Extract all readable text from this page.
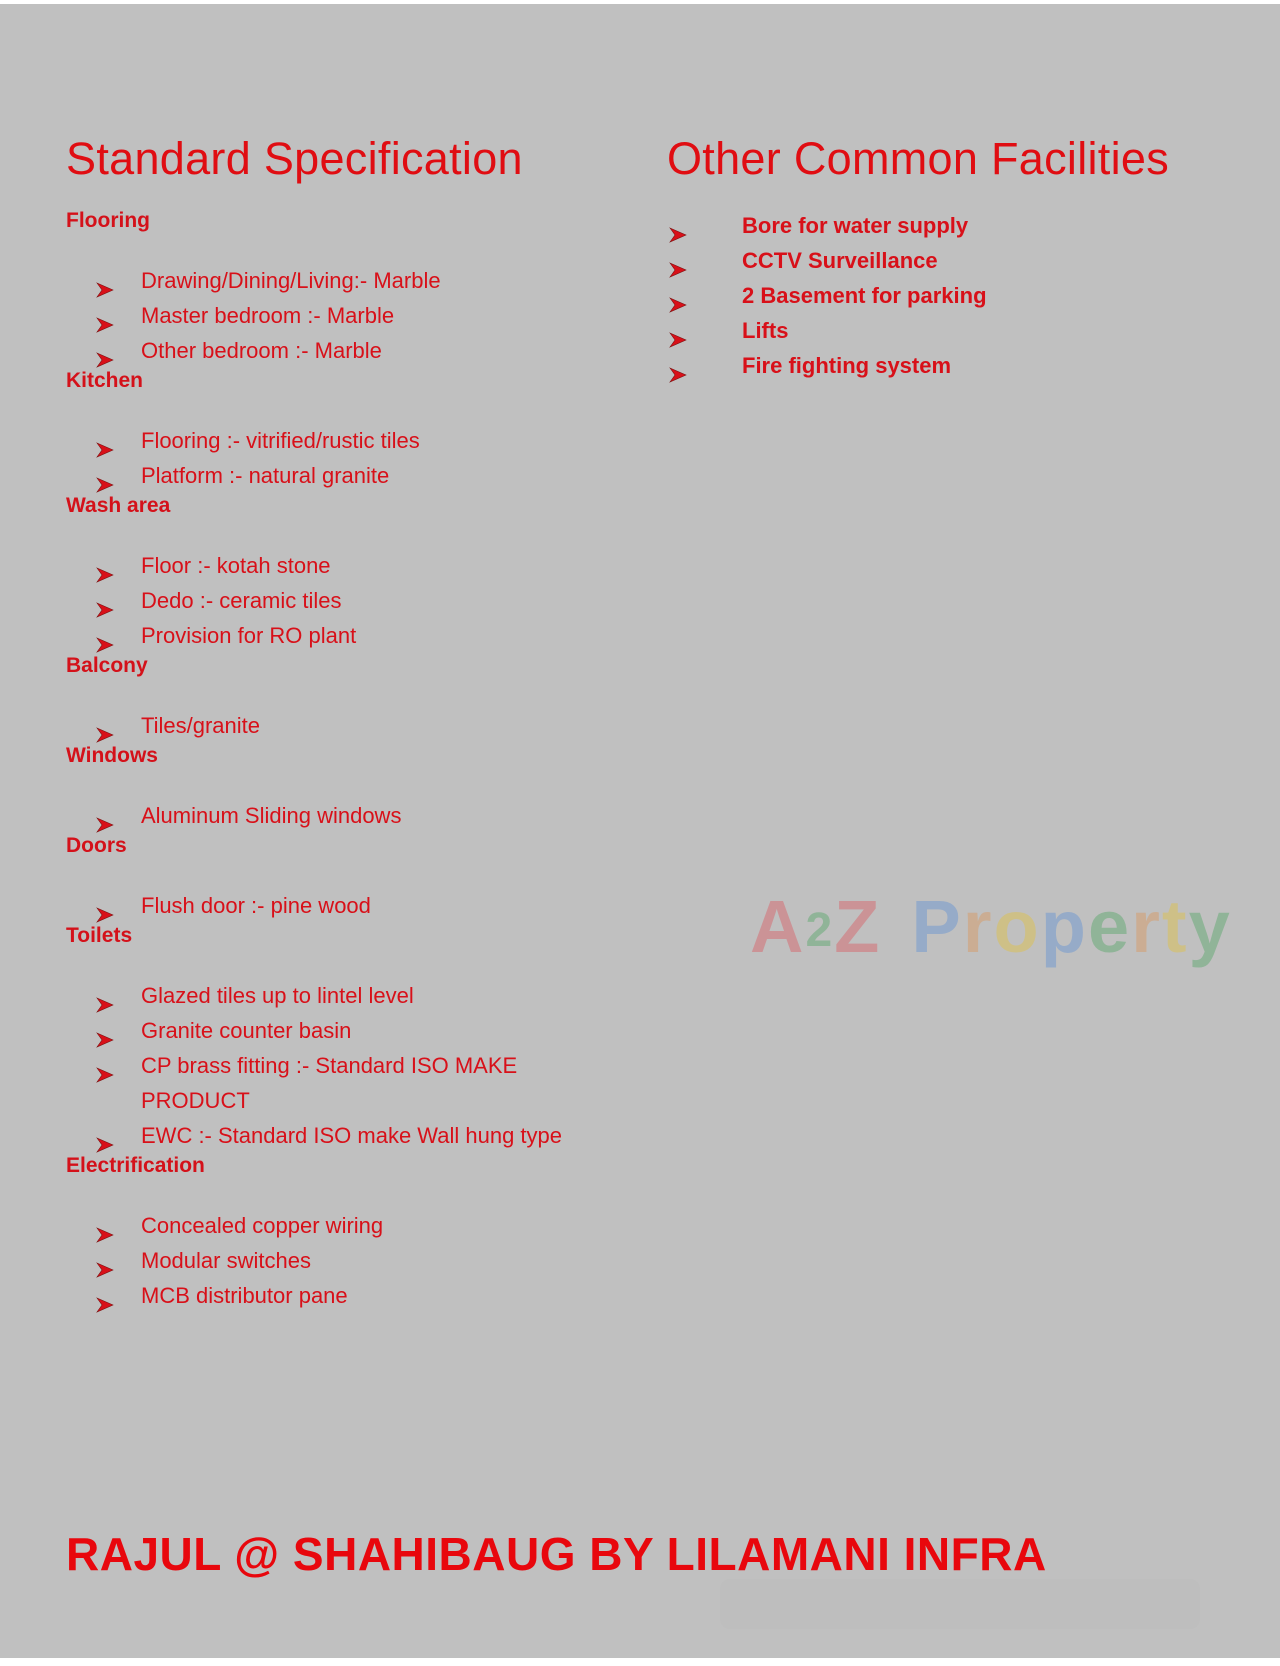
Standard Specification
Flooring
Drawing/Dining/Living:- Marble
Master bedroom :- Marble
Other bedroom :- Marble
Kitchen
Flooring :- vitrified/rustic tiles
Platform :- natural granite
Wash area
Floor :- kotah stone
Dedo :- ceramic tiles
Provision for RO plant
Balcony
Tiles/granite
Windows
Aluminum Sliding windows
Doors
Flush door :- pine wood
Toilets
Glazed tiles up to lintel level
Granite counter basin
CP brass fitting :- Standard ISO MAKE
PRODUCT
EWC :- Standard ISO make Wall hung type
Electrification
Concealed copper wiring
Modular switches
MCB distributor pane
Other Common Facilities
Bore for water supply
CCTV Surveillance
2 Basement for parking
Lifts
Fire fighting system
A2Z Property
RAJUL @ SHAHIBAUG BY LILAMANI INFRA
